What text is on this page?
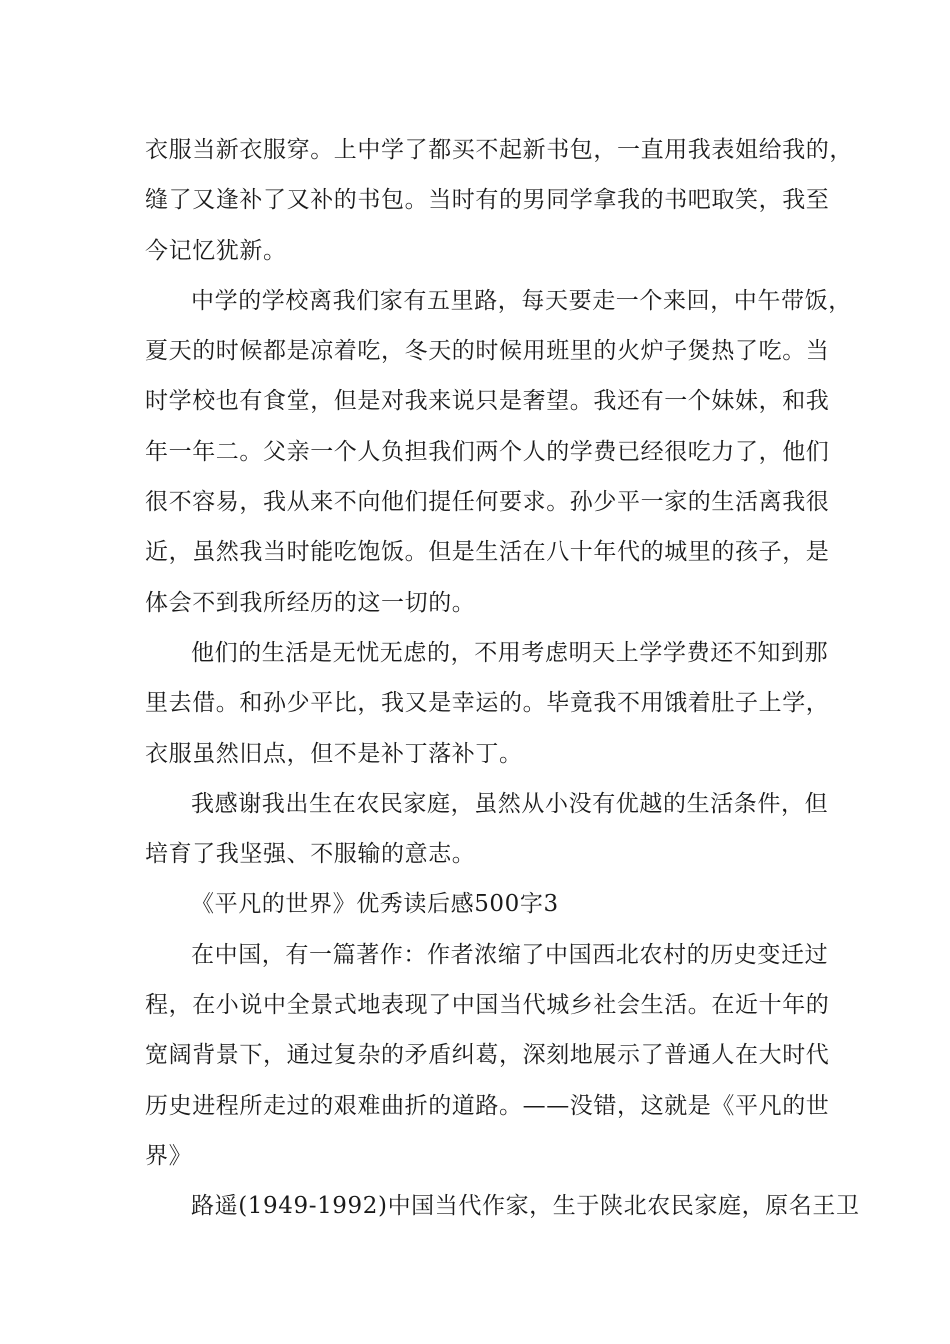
衣服当新衣服穿。上中学了都买不起新书包，一直用我表姐给我的，
缝了又逢补了又补的书包。当时有的男同学拿我的书吧取笑，我至
今记忆犹新。
中学的学校离我们家有五里路，每天要走一个来回，中午带饭，
夏天的时候都是凉着吃，冬天的时候用班里的火炉子煲热了吃。当
时学校也有食堂，但是对我来说只是奢望。我还有一个妹妹，和我
年一年二。父亲一个人负担我们两个人的学费已经很吃力了，他们
很不容易，我从来不向他们提任何要求。孙少平一家的生活离我很
近，虽然我当时能吃饱饭。但是生活在八十年代的城里的孩子，是
体会不到我所经历的这一切的。
他们的生活是无忧无虑的，不用考虑明天上学学费还不知到那
里去借。和孙少平比，我又是幸运的。毕竟我不用饿着肚子上学，
衣服虽然旧点，但不是补丁落补丁。
我感谢我出生在农民家庭，虽然从小没有优越的生活条件，但
培育了我坚强、不服输的意志。
《平凡的世界》优秀读后感500字3
在中国，有一篇著作：作者浓缩了中国西北农村的历史变迁过
程，在小说中全景式地表现了中国当代城乡社会生活。在近十年的
宽阔背景下，通过复杂的矛盾纠葛，深刻地展示了普通人在大时代
历史进程所走过的艰难曲折的道路。——没错，这就是《平凡的世
界》
路遥(1949-1992)中国当代作家，生于陕北农民家庭，原名王卫
